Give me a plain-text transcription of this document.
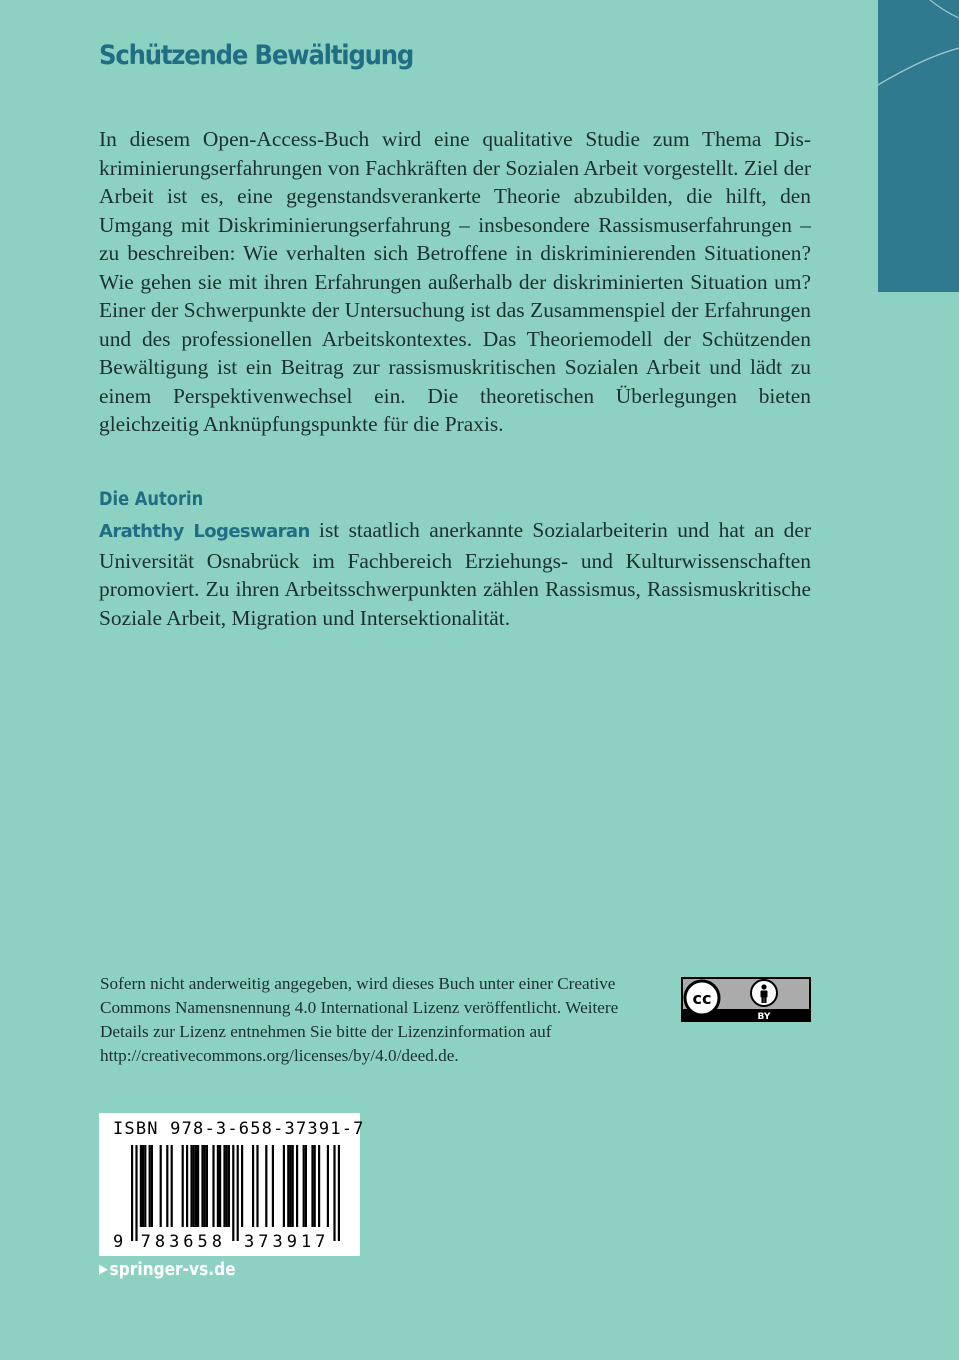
Schützende Bewältigung
In diesem Open-Access-Buch wird eine qualitative Studie zum Thema Diskriminierungserfahrungen von Fachkräften der Sozialen Arbeit vorgestellt. Ziel der Arbeit ist es, eine gegenstandsverankerte Theorie abzubilden, die hilft, den Umgang mit Diskriminierungserfahrung – insbesondere Rassismuserfahrungen – zu beschreiben: Wie verhalten sich Betroffene in diskriminierenden Situationen? Wie gehen sie mit ihren Erfahrungen außerhalb der diskriminierten Situation um? Einer der Schwerpunkte der Untersuchung ist das Zusammenspiel der Erfahrungen und des professionellen Arbeitskontextes. Das Theoriemodell der Schützenden Bewältigung ist ein Beitrag zur rassismuskritischen Sozialen Arbeit und lädt zu einem Perspektivenwechsel ein. Die theoretischen Überlegungen bieten gleichzeitig Anknüpfungspunkte für die Praxis.
Die Autorin
Araththy Logeswaran ist staatlich anerkannte Sozialarbeiterin und hat an der Universität Osnabrück im Fachbereich Erziehungs- und Kulturwissenschaften promoviert. Zu ihren Arbeitsschwerpunkten zählen Rassismus, Rassismuskritische Soziale Arbeit, Migration und Intersektionalität.
Sofern nicht anderweitig angegeben, wird dieses Buch unter einer Creative Commons Namensnennung 4.0 International Lizenz veröffentlicht. Weitere Details zur Lizenz entnehmen Sie bitte der Lizenzinformation auf http://creativecommons.org/licenses/by/4.0/deed.de.
cc
BY
ISBN 978-3-658-37391-7
9 783658 373917
▶ springer-vs.de
